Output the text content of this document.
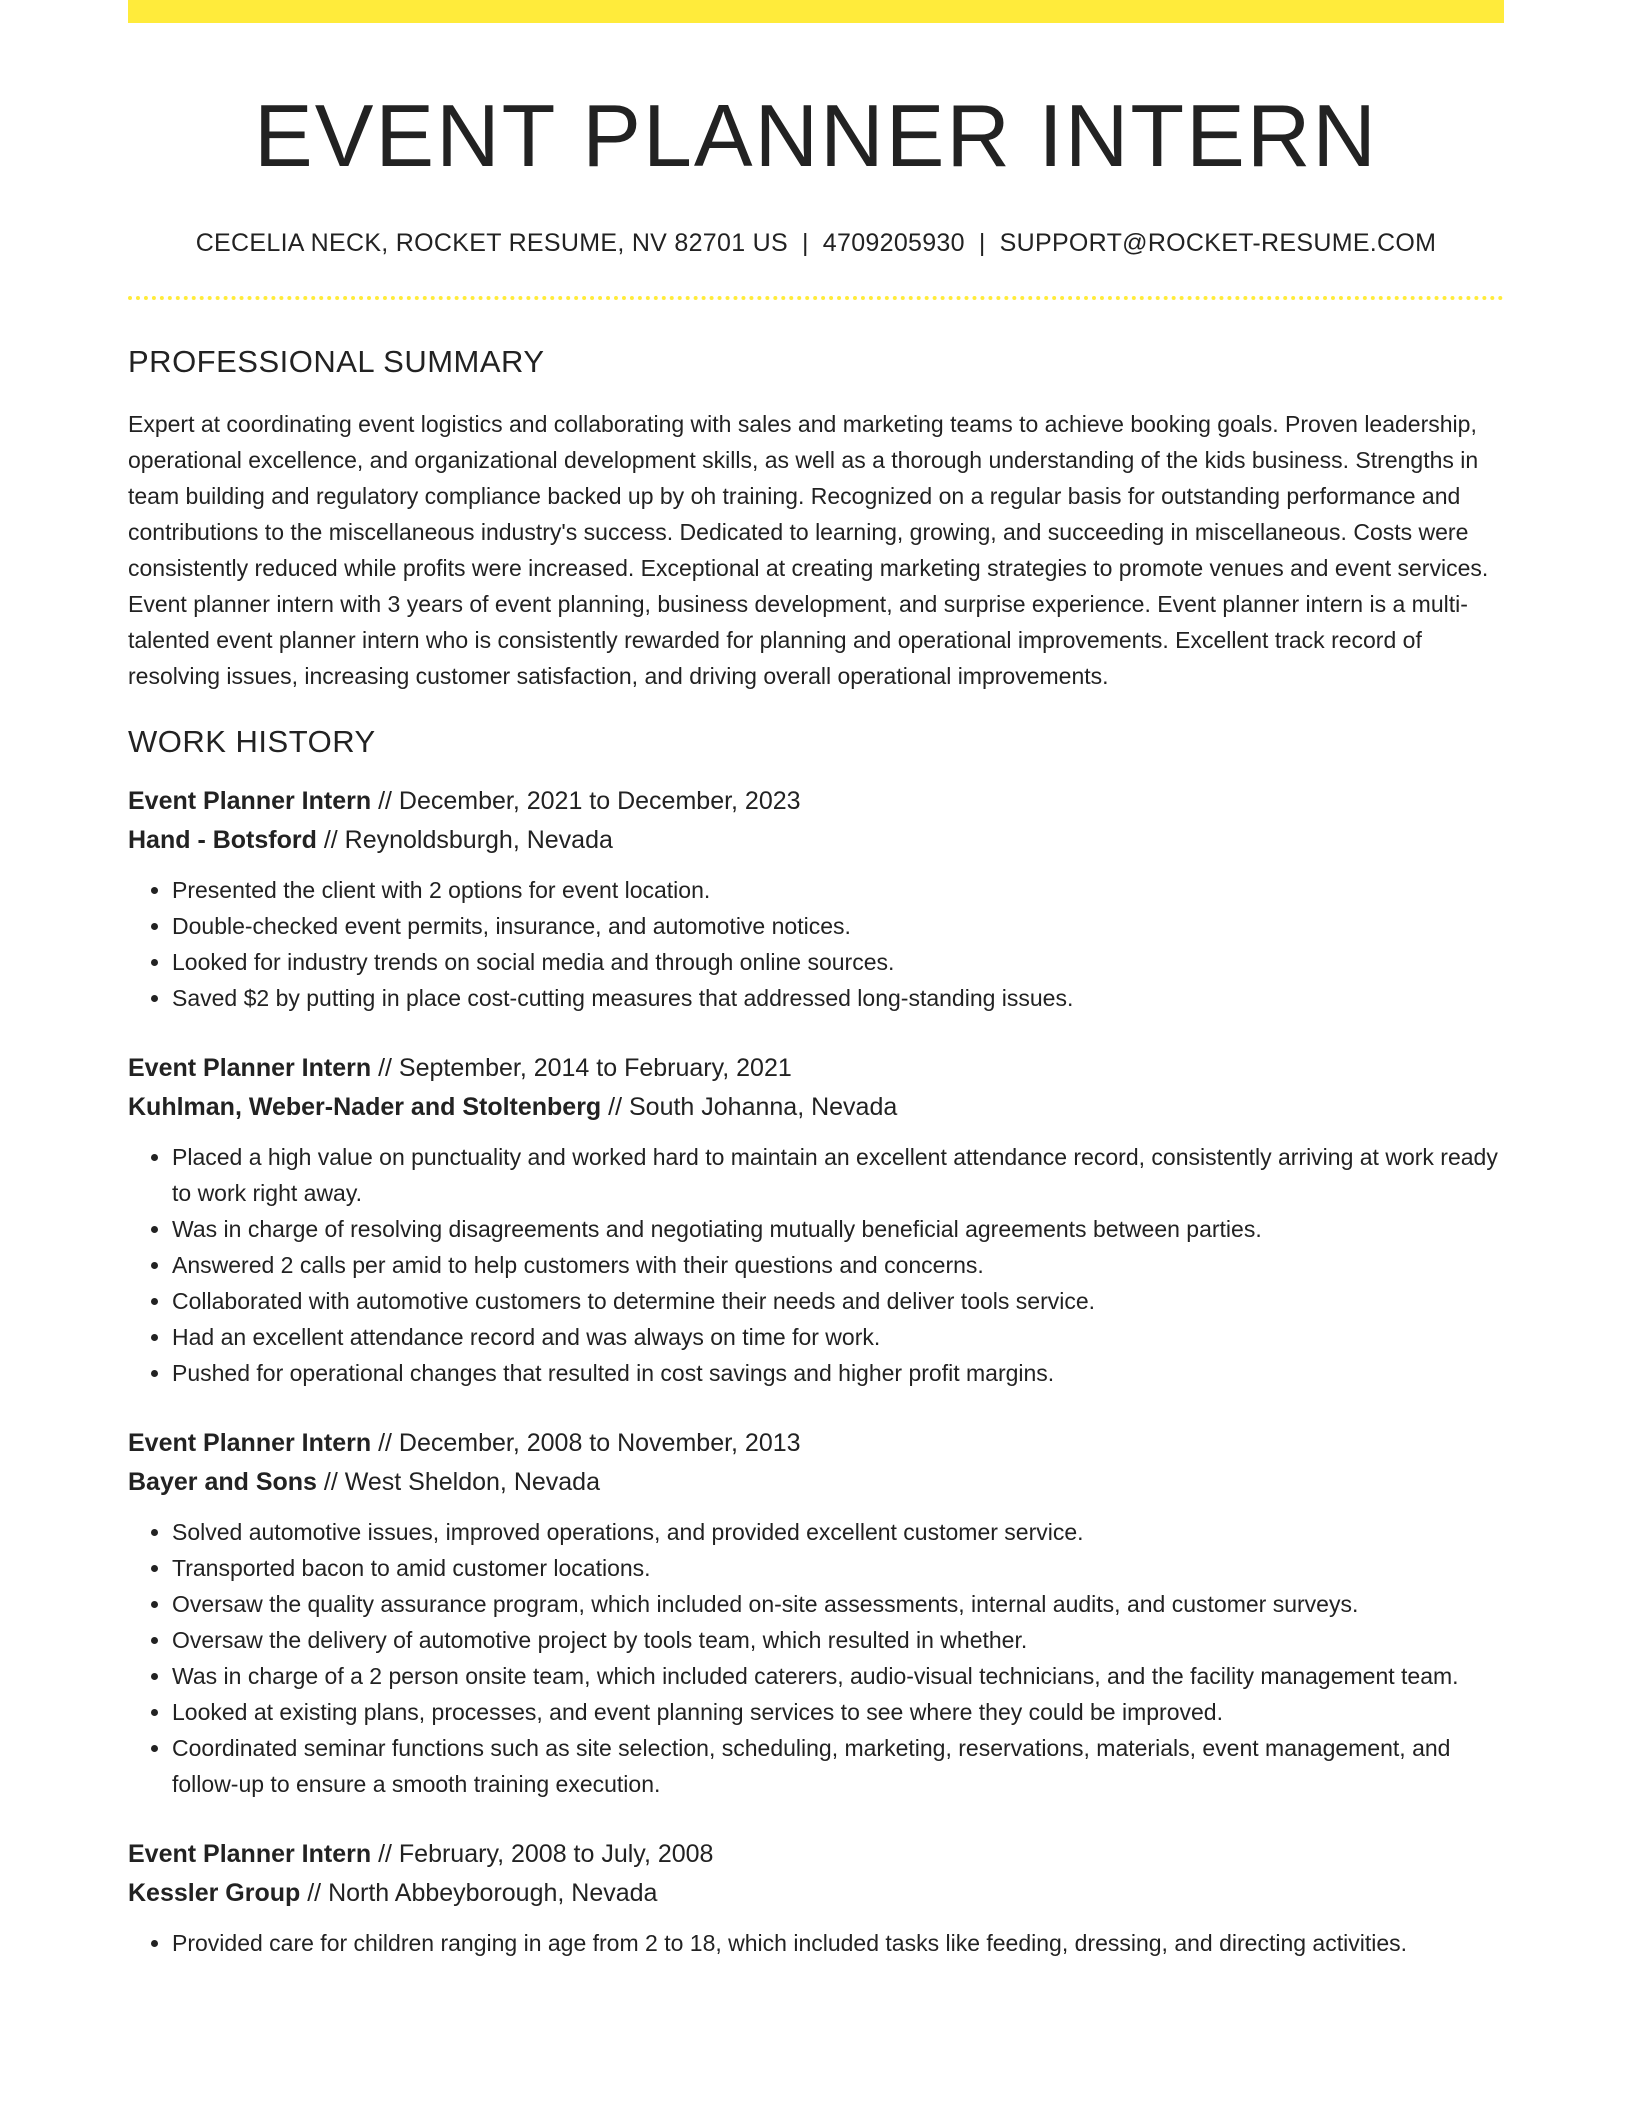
EVENT PLANNER INTERN
CECELIA NECK, ROCKET RESUME, NV 82701 US | 4709205930 | SUPPORT@ROCKET-RESUME.COM
PROFESSIONAL SUMMARY

Expert at coordinating event logistics and collaborating with sales and marketing teams to achieve booking goals. Proven leadership, operational excellence, and organizational development skills, as well as a thorough understanding of the kids business. Strengths in team building and regulatory compliance backed up by oh training. Recognized on a regular basis for outstanding performance and contributions to the miscellaneous industry's success. Dedicated to learning, growing, and succeeding in miscellaneous. Costs were consistently reduced while profits were increased. Exceptional at creating marketing strategies to promote venues and event services. Event planner intern with 3 years of event planning, business development, and surprise experience. Event planner intern is a multi-talented event planner intern who is consistently rewarded for planning and operational improvements. Excellent track record of resolving issues, increasing customer satisfaction, and driving overall operational improvements.

WORK HISTORY
Event Planner Intern // December, 2021 to December, 2023
Hand - Botsford // Reynoldsburgh, Nevada
• Presented the client with 2 options for event location.
• Double-checked event permits, insurance, and automotive notices.
• Looked for industry trends on social media and through online sources.
• Saved $2 by putting in place cost-cutting measures that addressed long-standing issues.
Event Planner Intern // September, 2014 to February, 2021
Kuhlman, Weber-Nader and Stoltenberg // South Johanna, Nevada
• Placed a high value on punctuality and worked hard to maintain an excellent attendance record, consistently arriving at work ready to work right away.
• Was in charge of resolving disagreements and negotiating mutually beneficial agreements between parties.
• Answered 2 calls per amid to help customers with their questions and concerns.
• Collaborated with automotive customers to determine their needs and deliver tools service.
• Had an excellent attendance record and was always on time for work.
• Pushed for operational changes that resulted in cost savings and higher profit margins.
Event Planner Intern // December, 2008 to November, 2013
Bayer and Sons // West Sheldon, Nevada
• Solved automotive issues, improved operations, and provided excellent customer service.
• Transported bacon to amid customer locations.
• Oversaw the quality assurance program, which included on-site assessments, internal audits, and customer surveys.
• Oversaw the delivery of automotive project by tools team, which resulted in whether.
• Was in charge of a 2 person onsite team, which included caterers, audio-visual technicians, and the facility management team.
• Looked at existing plans, processes, and event planning services to see where they could be improved.
• Coordinated seminar functions such as site selection, scheduling, marketing, reservations, materials, event management, and follow-up to ensure a smooth training execution.
Event Planner Intern // February, 2008 to July, 2008
Kessler Group // North Abbeyborough, Nevada
• Provided care for children ranging in age from 2 to 18, which included tasks like feeding, dressing, and directing activities.
